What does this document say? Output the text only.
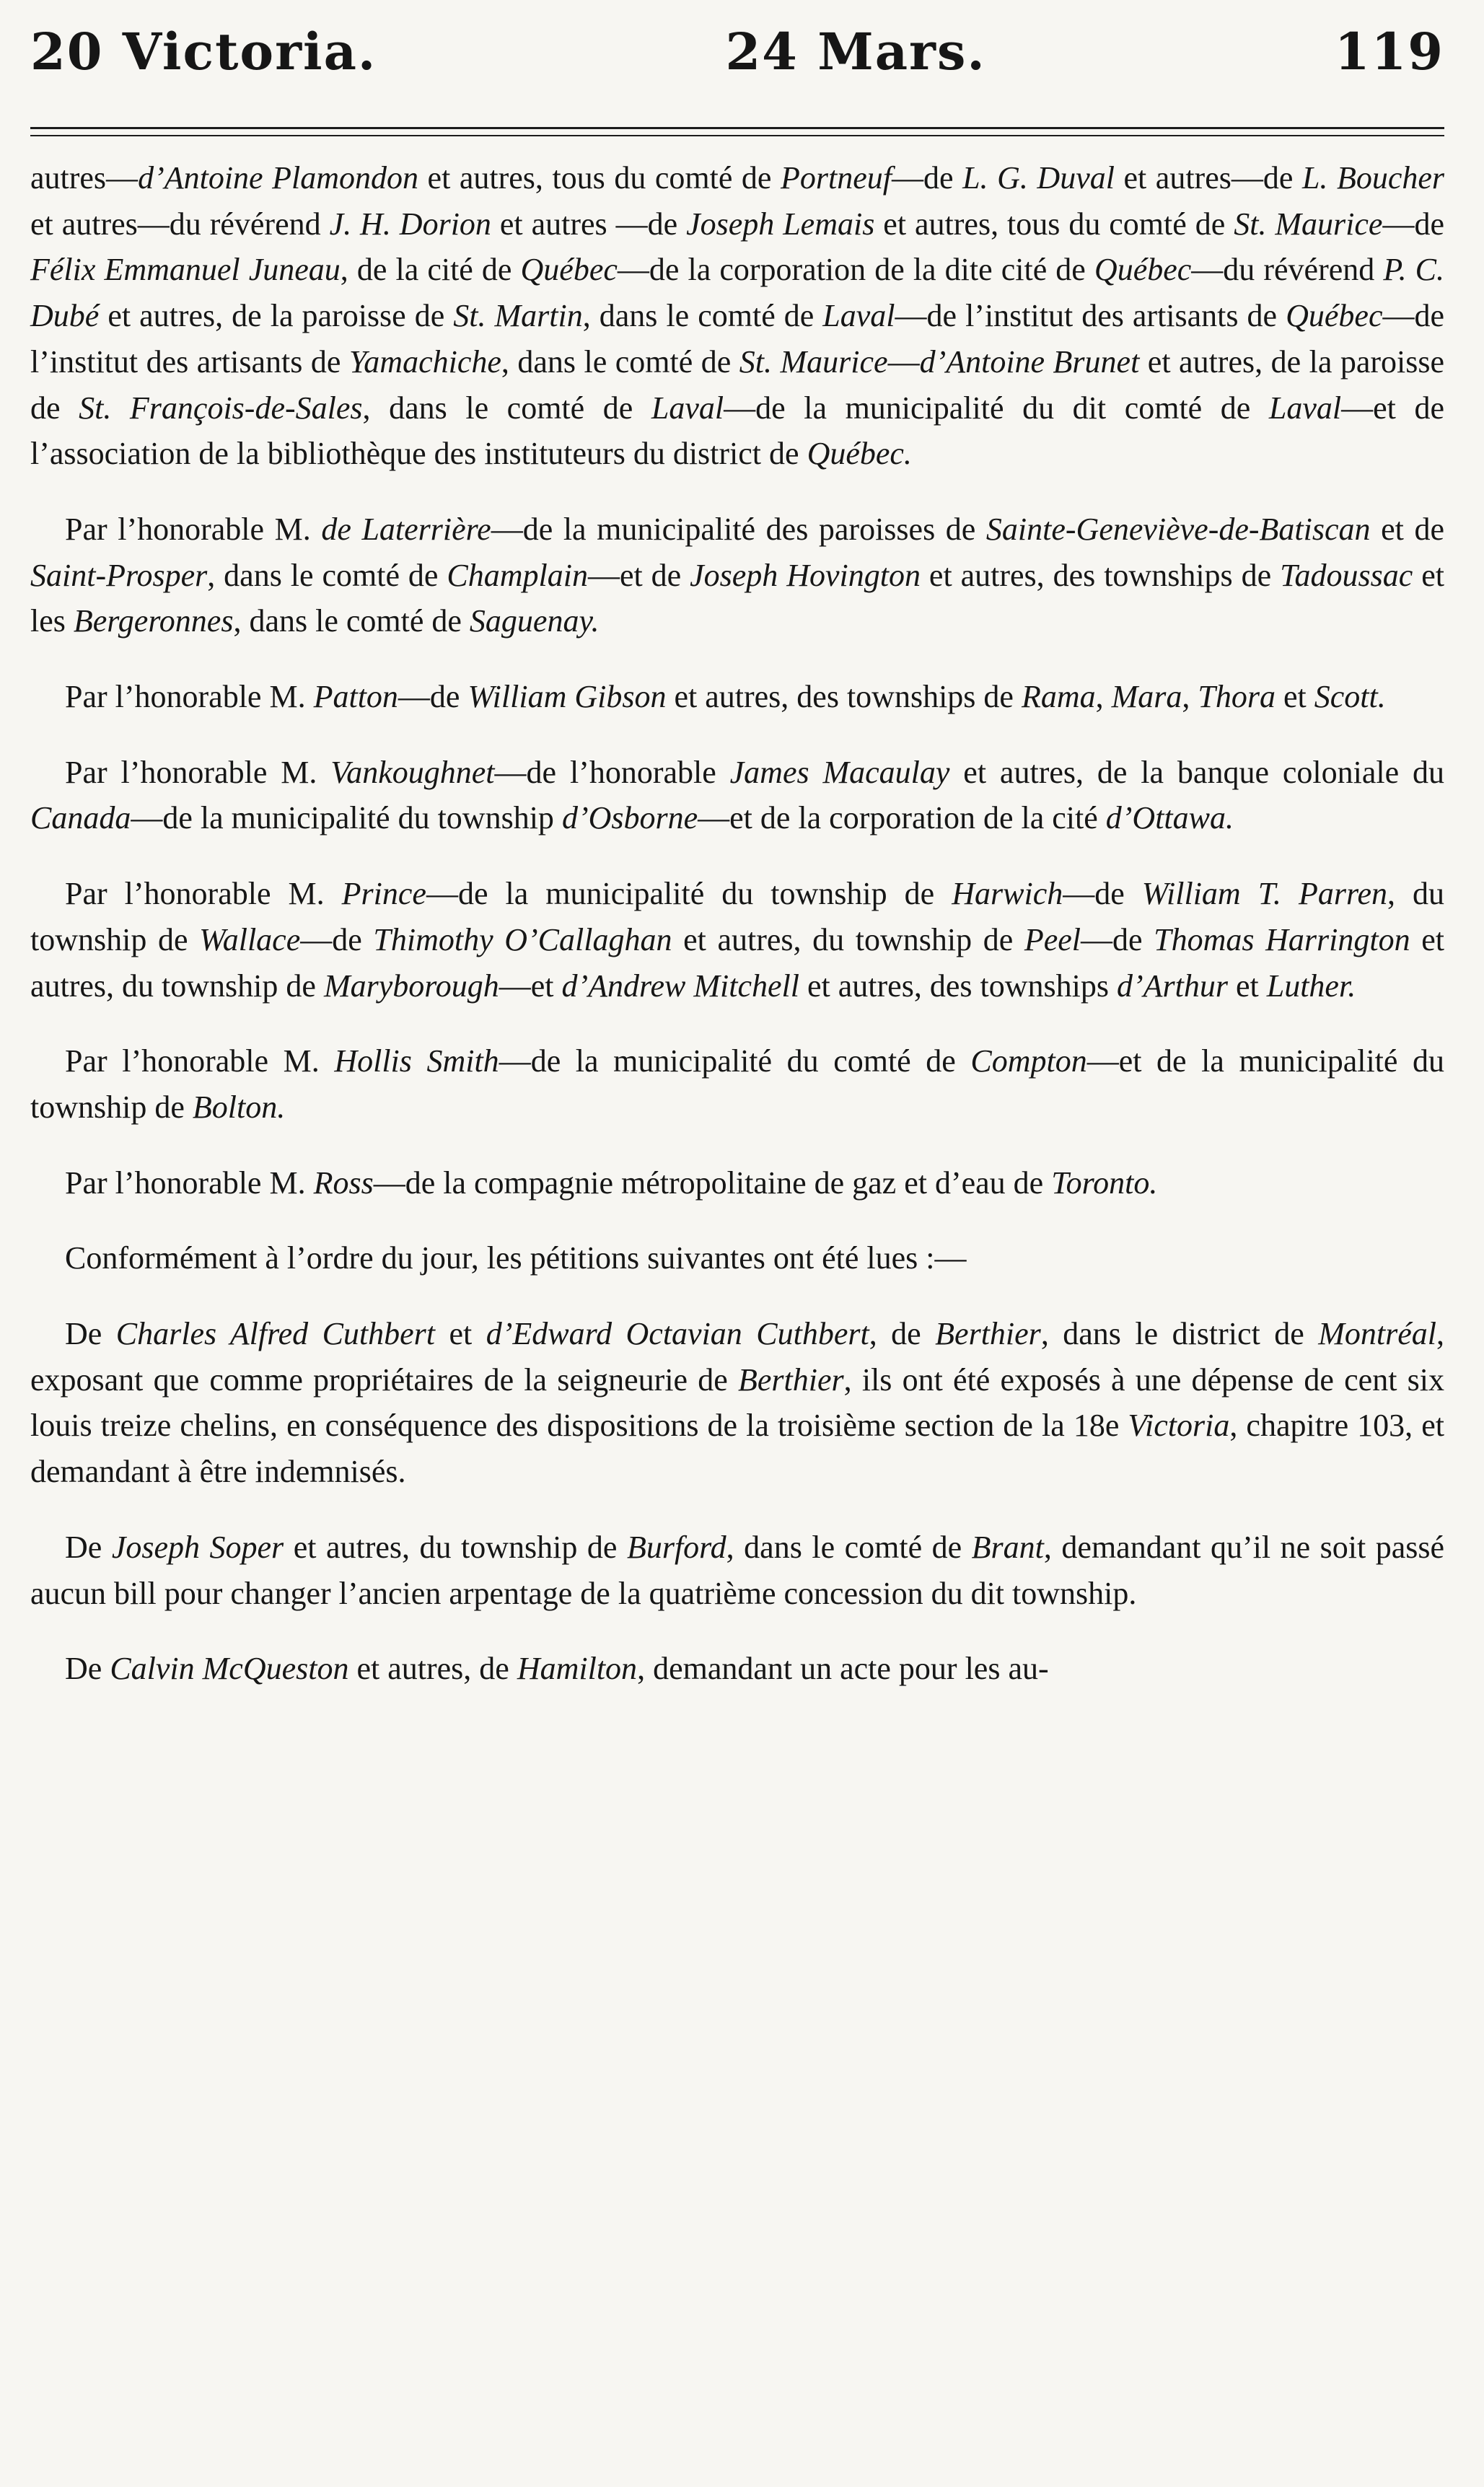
20 Victoria.	24 Mars.	119

autres—d’Antoine Plamondon et autres, tous du comté de Portneuf—de L. G. Duval et autres—de L. Boucher et autres—du révérend J. H. Dorion et autres —de Joseph Lemais et autres, tous du comté de St. Maurice—de Félix Emmanuel Juneau, de la cité de Québec—de la corporation de la dite cité de Québec—du révérend P. C. Dubé et autres, de la paroisse de St. Martin, dans le comté de Laval—de l’institut des artisants de Québec—de l’institut des artisants de Yamachiche, dans le comté de St. Maurice—d’Antoine Brunet et autres, de la paroisse de St. François-de-Sales, dans le comté de Laval—de la municipalité du dit comté de Laval—et de l’association de la bibliothèque des instituteurs du district de Québec.

Par l’honorable M. de Laterrière—de la municipalité des paroisses de Sainte-Geneviève-de-Batiscan et de Saint-Prosper, dans le comté de Champlain—et de Joseph Hovington et autres, des townships de Tadoussac et les Bergeronnes, dans le comté de Saguenay.

Par l’honorable M. Patton—de William Gibson et autres, des townships de Rama, Mara, Thora et Scott.

Par l’honorable M. Vankoughnet—de l’honorable James Macaulay et autres, de la banque coloniale du Canada—de la municipalité du township d’Osborne—et de la corporation de la cité d’Ottawa.

Par l’honorable M. Prince—de la municipalité du township de Harwich—de William T. Parren, du township de Wallace—de Thimothy O’Callaghan et autres, du township de Peel—de Thomas Harrington et autres, du township de Maryborough—et d’Andrew Mitchell et autres, des townships d’Arthur et Luther.

Par l’honorable M. Hollis Smith—de la municipalité du comté de Compton—et de la municipalité du township de Bolton.

Par l’honorable M. Ross—de la compagnie métropolitaine de gaz et d’eau de Toronto.

Conformément à l’ordre du jour, les pétitions suivantes ont été lues :—

De Charles Alfred Cuthbert et d’Edward Octavian Cuthbert, de Berthier, dans le district de Montréal, exposant que comme propriétaires de la seigneurie de Berthier, ils ont été exposés à une dépense de cent six louis treize chelins, en conséquence des dispositions de la troisième section de la 18e Victoria, chapitre 103, et demandant à être indemnisés.

De Joseph Soper et autres, du township de Burford, dans le comté de Brant, demandant qu’il ne soit passé aucun bill pour changer l’ancien arpentage de la quatrième concession du dit township.

De Calvin McQueston et autres, de Hamilton, demandant un acte pour les au-
